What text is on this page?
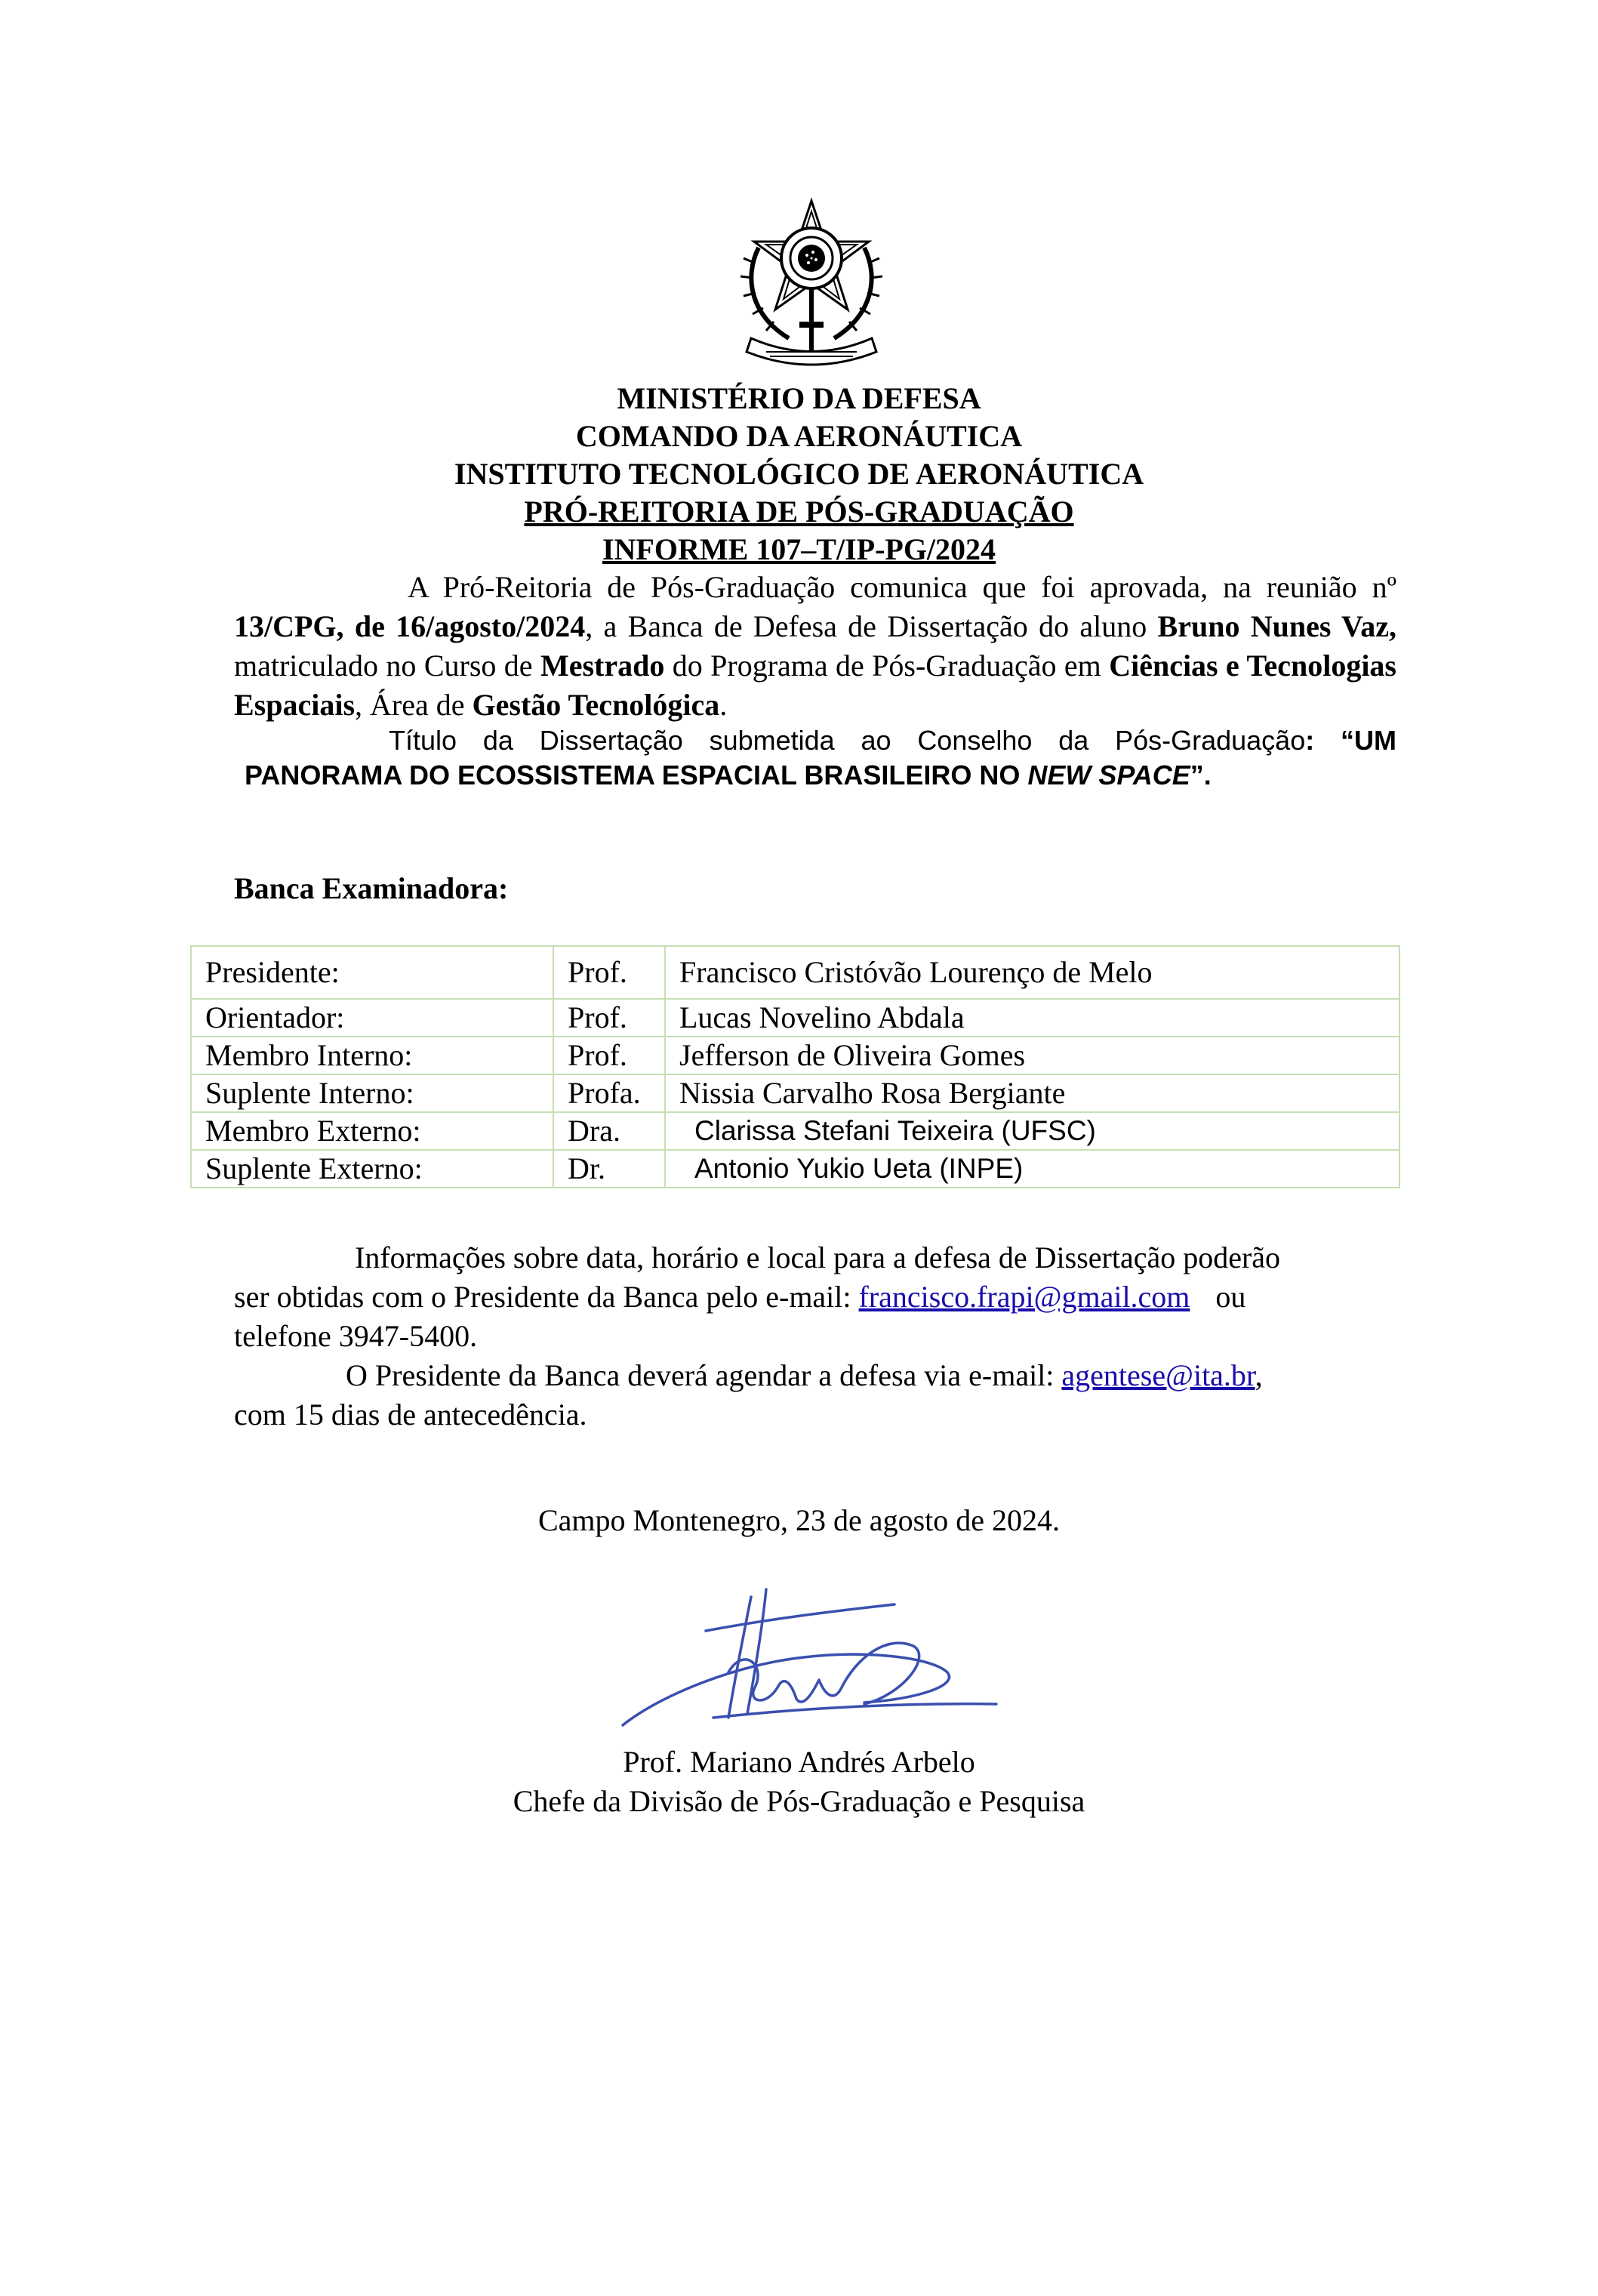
MINISTÉRIO DA DEFESA
COMANDO DA AERONÁUTICA
INSTITUTO TECNOLÓGICO DE AERONÁUTICA
PRÓ-REITORIA DE PÓS-GRADUAÇÃO
INFORME 107–T/IP-PG/2024
A Pró-Reitoria de Pós-Graduação comunica que foi aprovada, na reunião nº 13/CPG, de 16/agosto/2024, a Banca de Defesa de Dissertação do aluno Bruno Nunes Vaz, matriculado no Curso de Mestrado do Programa de Pós-Graduação em Ciências e Tecnologias Espaciais, Área de Gestão Tecnológica.
Título da Dissertação submetida ao Conselho da Pós-Graduação: “UM
PANORAMA DO ECOSSISTEMA ESPACIAL BRASILEIRO NO NEW SPACE”.
Banca Examinadora:
Presidente:	Prof.	Francisco Cristóvão Lourenço de Melo
Orientador:	Prof.	Lucas Novelino Abdala
Membro Interno:	Prof.	Jefferson de Oliveira Gomes
Suplente Interno:	Profa.	Nissia Carvalho Rosa Bergiante
Membro Externo:	Dra.	Clarissa Stefani Teixeira (UFSC)
Suplente Externo:	Dr.	Antonio Yukio Ueta (INPE)
Informações sobre data, horário e local para a defesa de Dissertação poderão
ser obtidas com o Presidente da Banca pelo e-mail: francisco.frapi@gmail.com ou
telefone 3947-5400.
O Presidente da Banca deverá agendar a defesa via e-mail: agentese@ita.br,
com 15 dias de antecedência.
Campo Montenegro, 23 de agosto de 2024.
Prof. Mariano Andrés Arbelo
Chefe da Divisão de Pós-Graduação e Pesquisa
